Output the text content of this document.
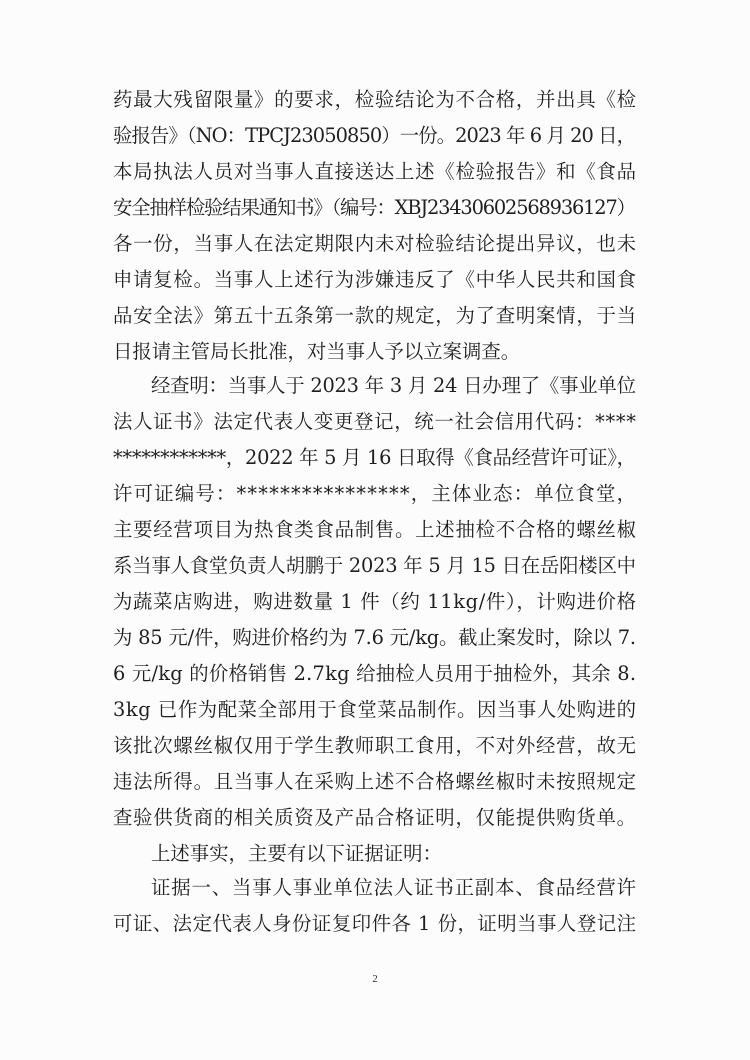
药最大残留限量》的要求，检验结论为不合格，并出具《检
验报告》（NO：TPCJ23050850）一份。2023 年 6 月 20 日，
本局执法人员对当事人直接送达上述《检验报告》和《食品
安全抽样检验结果通知书》（编号：XBJ23430602568936127）
各一份，当事人在法定期限内未对检验结论提出异议，也未
申请复检。当事人上述行为涉嫌违反了《中华人民共和国食
品安全法》第五十五条第一款的规定，为了查明案情，于当
日报请主管局长批准，对当事人予以立案调查。
经查明：当事人于 2023 年 3 月 24 日办理了《事业单位
法人证书》法定代表人变更登记，统一社会信用代码：****
************，2022 年 5 月 16 日取得《食品经营许可证》，
许可证编号：****************，主体业态：单位食堂，
主要经营项目为热食类食品制售。上述抽检不合格的螺丝椒
系当事人食堂负责人胡鹏于 2023 年 5 月 15 日在岳阳楼区中
为蔬菜店购进，购进数量 1 件（约 11kg/件），计购进价格
为 85 元/件，购进价格约为 7.6 元/kg。截止案发时，除以 7.
6 元/kg 的价格销售 2.7kg 给抽检人员用于抽检外，其余 8.
3kg 已作为配菜全部用于食堂菜品制作。因当事人处购进的
该批次螺丝椒仅用于学生教师职工食用，不对外经营，故无
违法所得。且当事人在采购上述不合格螺丝椒时未按照规定
查验供货商的相关质资及产品合格证明，仅能提供购货单。
上述事实，主要有以下证据证明：
证据一、当事人事业单位法人证书正副本、食品经营许
可证、法定代表人身份证复印件各 1 份，证明当事人登记注
2
